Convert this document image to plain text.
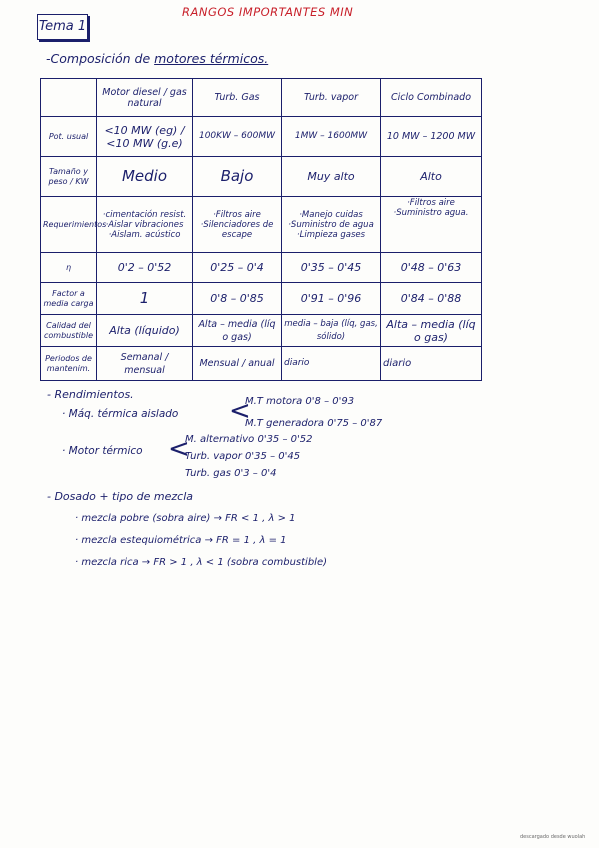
Tema 1
RANGOS IMPORTANTES MIN
-Composición de motores térmicos.
	Motor diesel / gas natural	Turb. Gas	Turb. vapor	Ciclo Combinado
Pot. usual	<10 MW (eg) / <10 MW (g.e)	100KW – 600MW	1MW – 1600MW	10 MW – 1200 MW
Tamaño y peso / KW	Medio	Bajo	Muy alto	Alto
Requerimientos	·cimentación resist. ·Aislar vibraciones ·Aislam. acústico	·Filtros aire ·Silenciadores de escape	·Manejo cuidas ·Suministro de agua ·Limpieza gases	·Filtros aire ·Suministro agua.
η	0'2 – 0'52	0'25 – 0'4	0'35 – 0'45	0'48 – 0'63
Factor a media carga	1	0'8 – 0'85	0'91 – 0'96	0'84 – 0'88
Calidad del combustible	Alta (líquido)	Alta – media (líq o gas)	media – baja (líq, gas, sólido)	Alta – media (líq o gas)
Periodos de mantenim.	Semanal / mensual	Mensual / anual	diario	diario
- Rendimientos.
· Máq. térmica aislado <
M.T motora 0'8 – 0'93
M.T generadora 0'75 – 0'87
· Motor térmico <
M. alternativo 0'35 – 0'52
Turb. vapor 0'35 – 0'45
Turb. gas 0'3 – 0'4
- Dosado + tipo de mezcla
· mezcla pobre (sobra aire) → FR < 1 , λ > 1
· mezcla estequiométrica → FR = 1 , λ = 1
· mezcla rica → FR > 1 , λ < 1 (sobra combustible)
descargado desde wuolah
